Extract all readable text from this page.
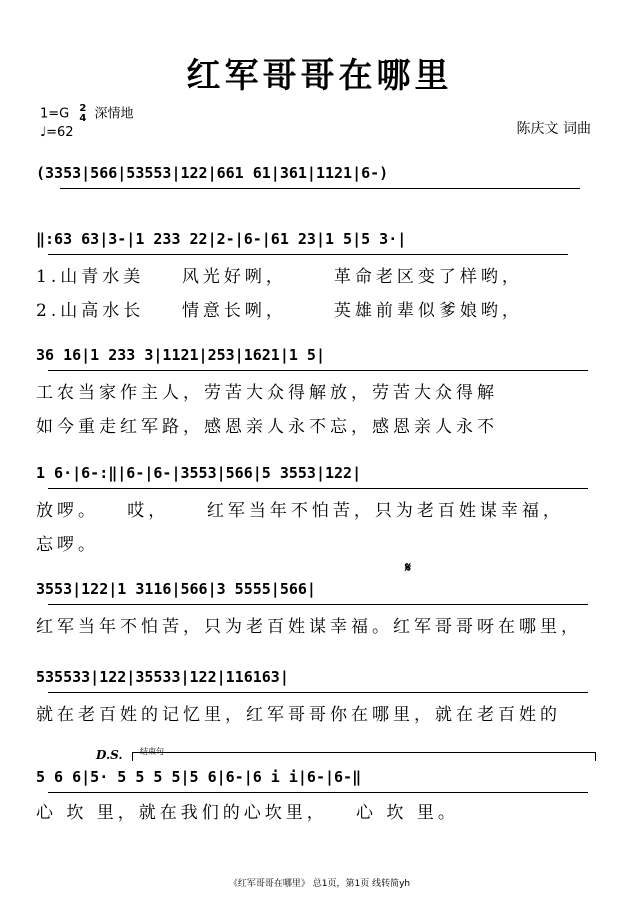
红军哥哥在哪里
1=G 2
4 深情地
♩=62	陈庆文 词曲
(3353|566|53553|122|661 61|361|1121|6-)
‖:63 63|3-|1 233 22|2-|6-|61 23|1 5|5 3·|
1.山青水美    风光好咧，     革命老区变了样哟，
2.山高水长    情意长咧，     英雄前辈似爹娘哟，
36 16|1 233 3|1121|253|1621|1 5|
工农当家作主人，劳苦大众得解放，劳苦大众得解
如今重走红军路，感恩亲人永不忘，感恩亲人永不
1 6·|6-:‖|6-|6-|3553|566|5 3553|122|
放啰。   哎，    红军当年不怕苦，只为老百姓谋幸福，
忘啰。
𝄋
3553|122|1 3116|566|3 5555|566|
红军当年不怕苦，只为老百姓谋幸福。红军哥哥呀在哪里，
535533|122|35533|122|116163|
就在老百姓的记忆里，红军哥哥你在哪里，就在老百姓的
D.S. 结束句
5 6 6|5· 5 5 5 5|5 6|6-|6 i i|6-|6-‖
心 坎 里，就在我们的心坎里，   心 坎 里。
《红军哥哥在哪里》 总1页，第1页 线转简yh
